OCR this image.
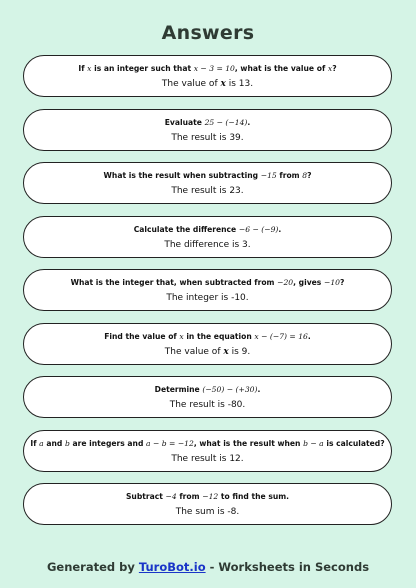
Answers
If x is an integer such that x − 3 = 10, what is the value of x?
The value of x is 13.
Evaluate 25 − (−14).
The result is 39.
What is the result when subtracting −15 from 8?
The result is 23.
Calculate the difference −6 − (−9).
The difference is 3.
What is the integer that, when subtracted from −20, gives −10?
The integer is -10.
Find the value of x in the equation x − (−7) = 16.
The value of x is 9.
Determine (−50) − (+30).
The result is -80.
If a and b are integers and a − b = −12, what is the result when b − a is calculated?
The result is 12.
Subtract −4 from −12 to find the sum.
The sum is -8.
Generated by TuroBot.io - Worksheets in Seconds
